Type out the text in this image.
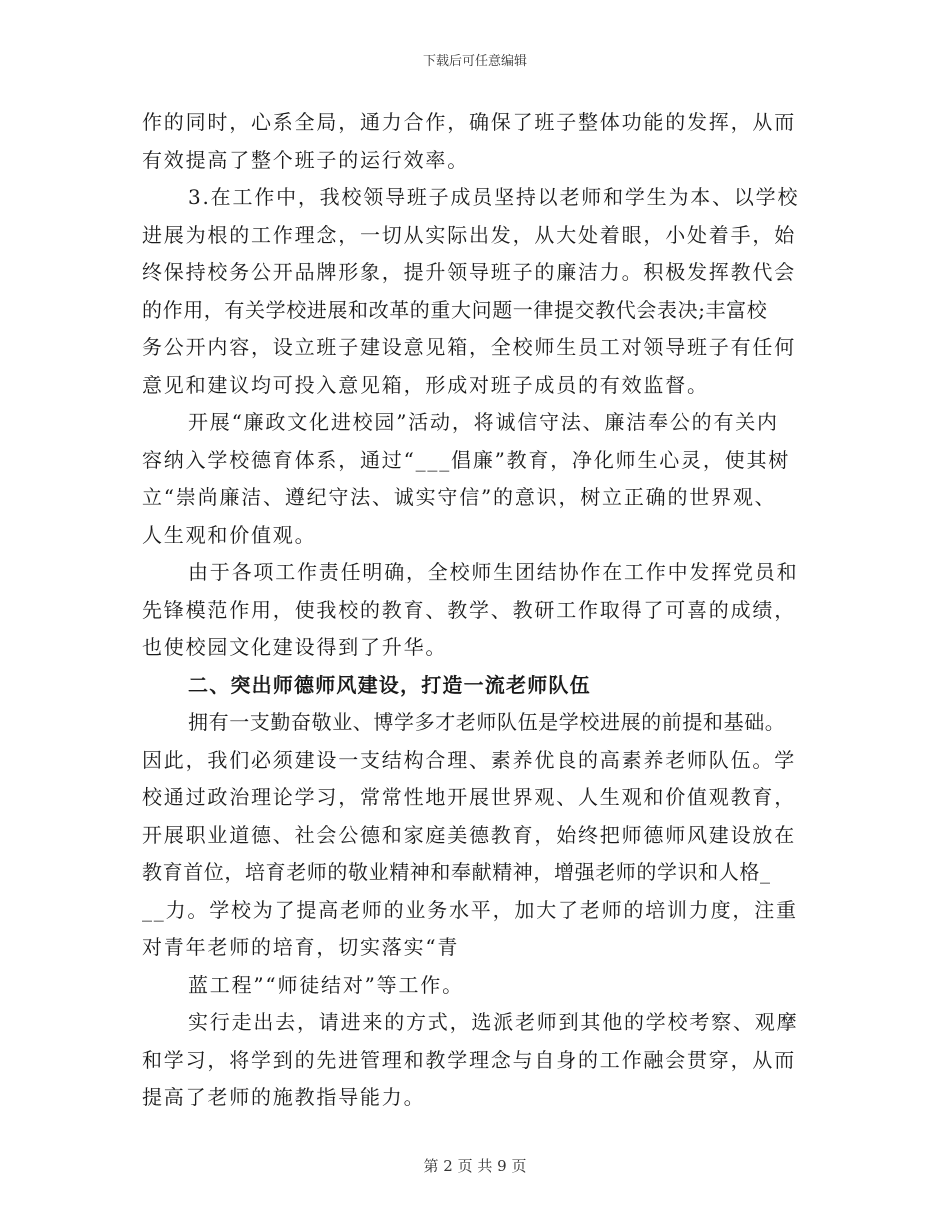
下载后可任意编辑
作的同时，心系全局，通力合作，确保了班子整体功能的发挥，从而
有效提高了整个班子的运行效率。
3.在工作中，我校领导班子成员坚持以老师和学生为本、以学校
进展为根的工作理念，一切从实际出发，从大处着眼，小处着手，始
终保持校务公开品牌形象，提升领导班子的廉洁力。积极发挥教代会
的作用，有关学校进展和改革的重大问题一律提交教代会表决;丰富校
务公开内容，设立班子建设意见箱，全校师生员工对领导班子有任何
意见和建议均可投入意见箱，形成对班子成员的有效监督。
开展“廉政文化进校园”活动，将诚信守法、廉洁奉公的有关内
容纳入学校德育体系，通过“___倡廉”教育，净化师生心灵，使其树
立“崇尚廉洁、遵纪守法、诚实守信”的意识，树立正确的世界观、
人生观和价值观。
由于各项工作责任明确，全校师生团结协作在工作中发挥党员和
先锋模范作用，使我校的教育、教学、教研工作取得了可喜的成绩，
也使校园文化建设得到了升华。
二、突出师德师风建设，打造一流老师队伍
拥有一支勤奋敬业、博学多才老师队伍是学校进展的前提和基础。
因此，我们必须建设一支结构合理、素养优良的高素养老师队伍。学
校通过政治理论学习，常常性地开展世界观、人生观和价值观教育，
开展职业道德、社会公德和家庭美德教育，始终把师德师风建设放在
教育首位，培育老师的敬业精神和奉献精神，增强老师的学识和人格_
__力。学校为了提高老师的业务水平，加大了老师的培训力度，注重
对青年老师的培育，切实落实“青
蓝工程”“师徒结对”等工作。
实行走出去，请进来的方式，选派老师到其他的学校考察、观摩
和学习，将学到的先进管理和教学理念与自身的工作融会贯穿，从而
提高了老师的施教指导能力。
第 2 页 共 9 页
